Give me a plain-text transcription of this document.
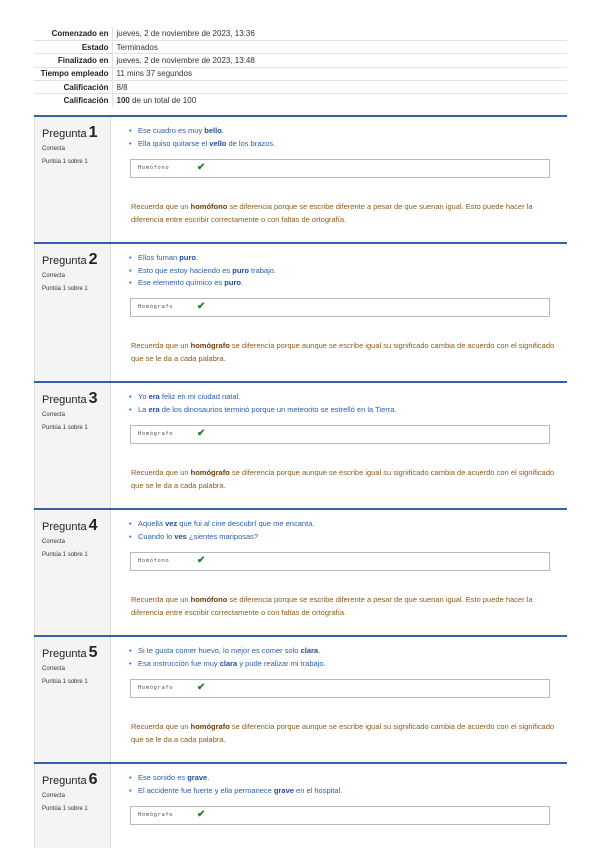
Comenzado en	jueves, 2 de noviembre de 2023, 13:36
Estado	Terminados
Finalizado en	jueves, 2 de noviembre de 2023, 13:48
Tiempo empleado	11 mins 37 segundos
Calificación	8/8
Calificación	100 de un total de 100
Pregunta 1
Correcta
Puntúa 1 sobre 1
• Ese cuadro es muy bello.
• Ella quiso quitarse el vello de los brazos.
Homófono	✔
Recuerda que un homófono se diferencia porque se escribe diferente a pesar de que suenan igual. Esto puede hacer la diferencia entre escribir correctamente o con faltas de ortografía.
Pregunta 2
Correcta
Puntúa 1 sobre 1
• Ellos fuman puro.
• Esto que estoy haciendo es puro trabajo.
• Ese elemento químico es puro.
Homógrafo ✔
Recuerda que un homógrafo se diferencia porque aunque se escribe igual su significado cambia de acuerdo con el significado que se le da a cada palabra.
Pregunta 3
Correcta
Puntúa 1 sobre 1
• Yo era feliz en mi ciudad natal.
• La era de los dinosaurios terminó porque un meteorito se estrelló en la Tierra.
Homógrafo ✔
Recuerda que un homógrafo se diferencia porque aunque se escribe igual su significado cambia de acuerdo con el significado que se le da a cada palabra.
Pregunta 4
Correcta
Puntúa 1 sobre 1
• Aquella vez que fui al cine descubrí que me encanta.
• Cuando lo ves ¿sientes mariposas?
Homófono	✔
Recuerda que un homófono se diferencia porque se escribe diferente a pesar de que suenan igual. Esto puede hacer la diferencia entre escribir correctamente o con faltas de ortografía.
Pregunta 5
Correcta
Puntúa 1 sobre 1
• Si te gusta comer huevo, lo mejor es comer solo clara.
• Esa instrucción fue muy clara y pude realizar mi trabajo.
Homógrafo ✔
Recuerda que un homógrafo se diferencia porque aunque se escribe igual su significado cambia de acuerdo con el significado que se le da a cada palabra.
Pregunta 6
Correcta
Puntúa 1 sobre 1
• Ese sonido es grave.
• El accidente fue fuerte y ella permanece grave en el hospital.
Homógrafo ✔
